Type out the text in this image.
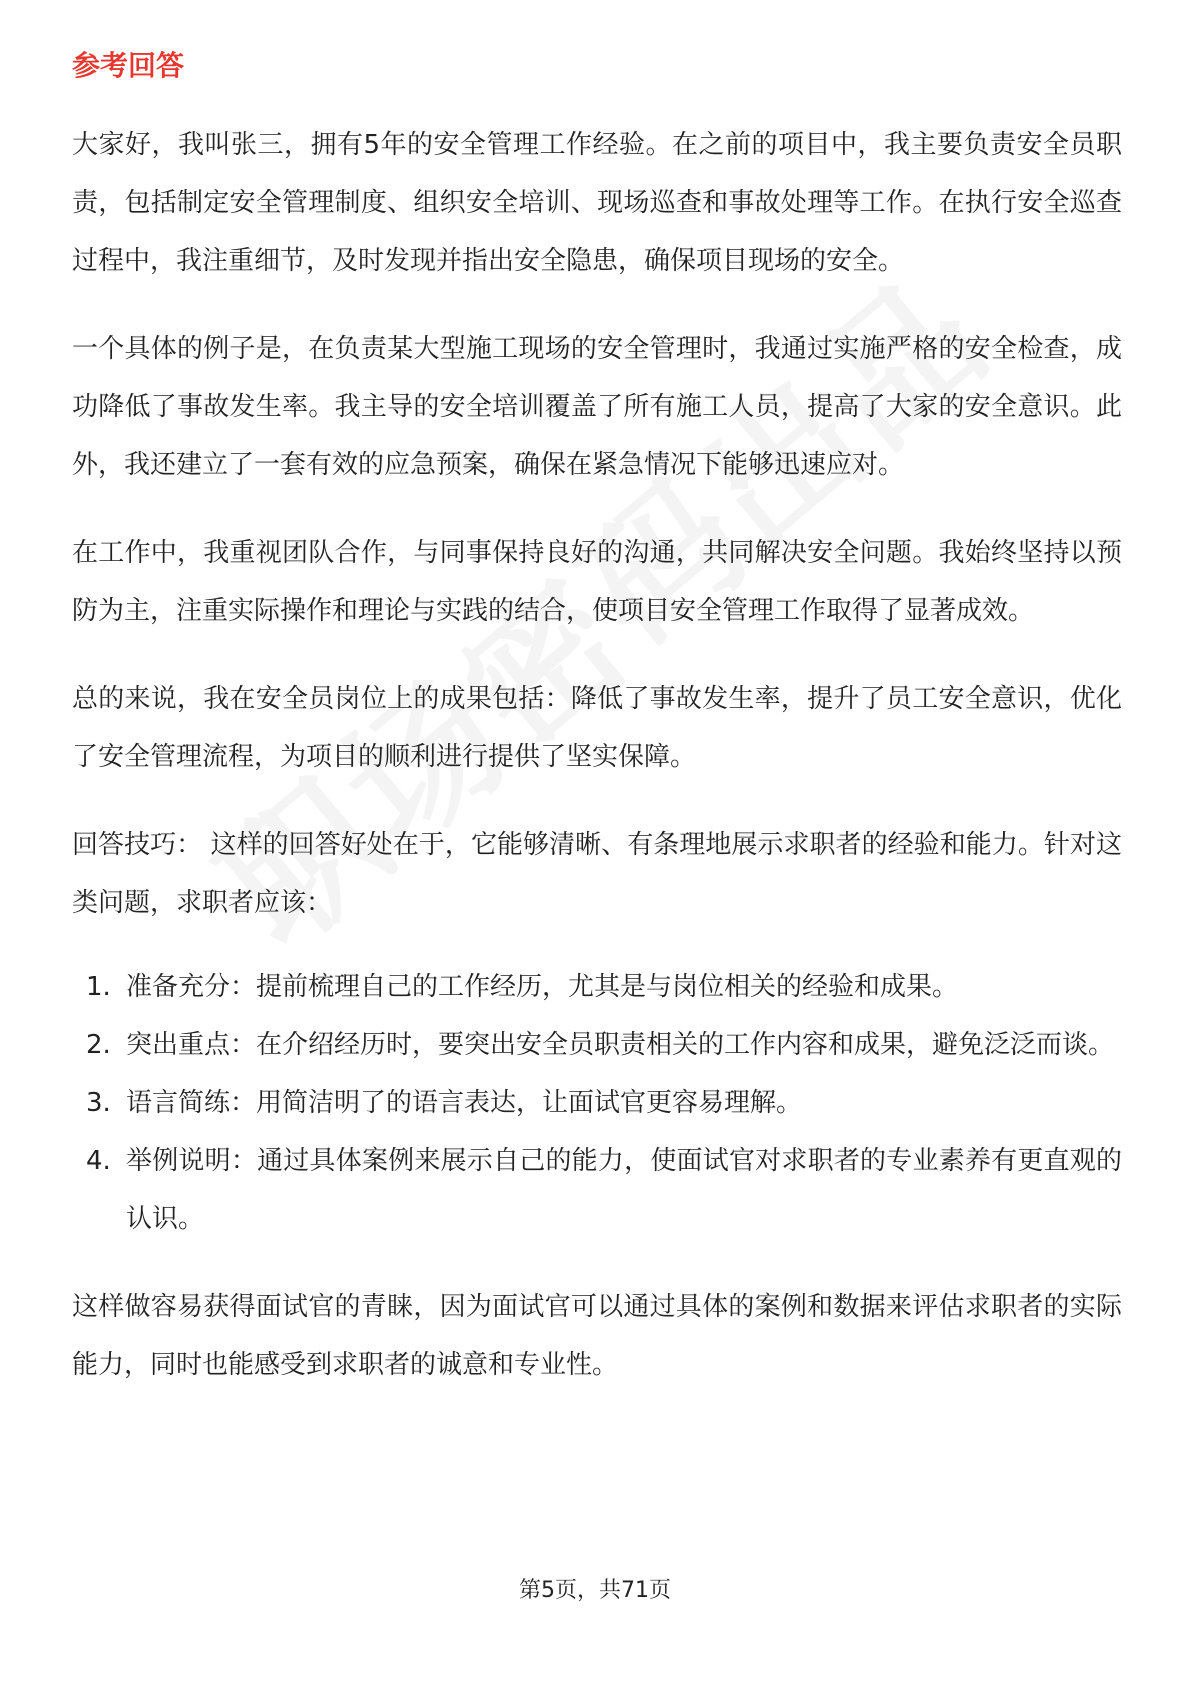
参考回答

大家好，我叫张三，拥有5年的安全管理工作经验。在之前的项目中，我主要负责安全员职责，包括制定安全管理制度、组织安全培训、现场巡查和事故处理等工作。在执行安全巡查过程中，我注重细节，及时发现并指出安全隐患，确保项目现场的安全。

一个具体的例子是，在负责某大型施工现场的安全管理时，我通过实施严格的安全检查，成功降低了事故发生率。我主导的安全培训覆盖了所有施工人员，提高了大家的安全意识。此外，我还建立了一套有效的应急预案，确保在紧急情况下能够迅速应对。

在工作中，我重视团队合作，与同事保持良好的沟通，共同解决安全问题。我始终坚持以预防为主，注重实际操作和理论与实践的结合，使项目安全管理工作取得了显著成效。

总的来说，我在安全员岗位上的成果包括：降低了事故发生率，提升了员工安全意识，优化了安全管理流程，为项目的顺利进行提供了坚实保障。

回答技巧： 这样的回答好处在于，它能够清晰、有条理地展示求职者的经验和能力。针对这类问题，求职者应该：

1. 准备充分：提前梳理自己的工作经历，尤其是与岗位相关的经验和成果。
2. 突出重点：在介绍经历时，要突出安全员职责相关的工作内容和成果，避免泛泛而谈。
3. 语言简练：用简洁明了的语言表达，让面试官更容易理解。
4. 举例说明：通过具体案例来展示自己的能力，使面试官对求职者的专业素养有更直观的认识。

这样做容易获得面试官的青睐，因为面试官可以通过具体的案例和数据来评估求职者的实际能力，同时也能感受到求职者的诚意和专业性。

第5页，共71页
